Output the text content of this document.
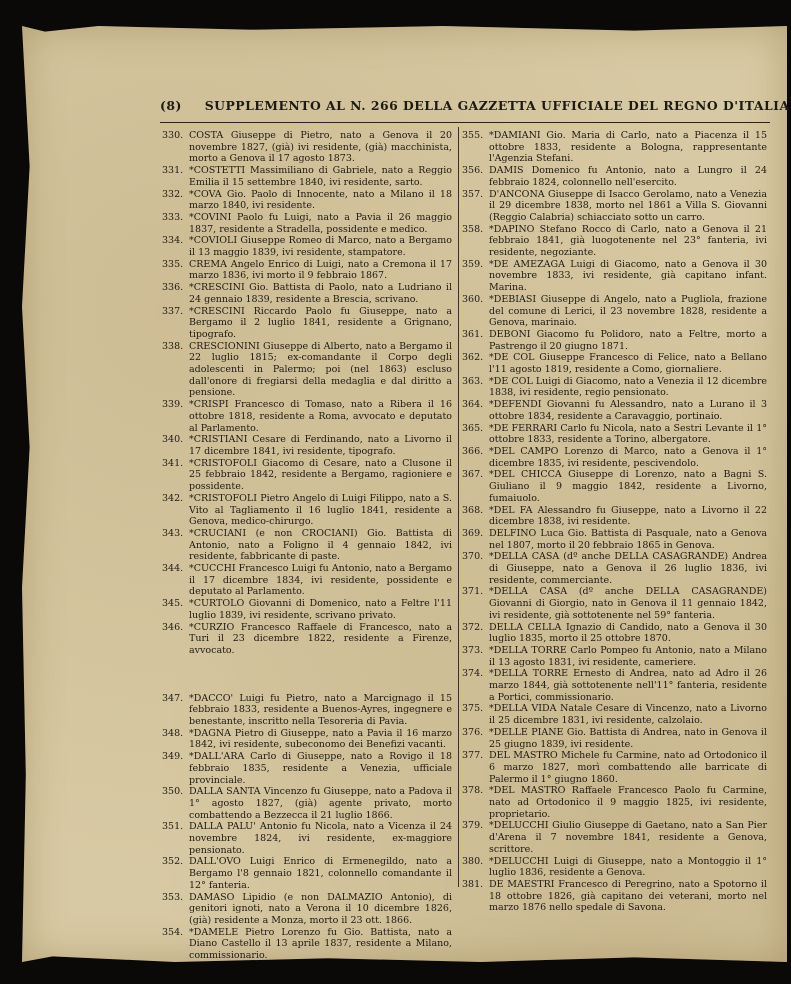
(8) SUPPLEMENTO AL N. 266 DELLA GAZZETTA UFFICIALE DEL REGNO D'ITALIA
330. COSTA Giuseppe di Pietro, nato a Genova il 20 novembre 1827, (già) ivi residente, (già) macchinista, morto a Genova il 17 agosto 1873.
331. *COSTETTI Massimiliano di Gabriele, nato a Reggio Emilia il 15 settembre 1840, ivi residente, sarto.
332. *COVA Gio. Paolo di Innocente, nato a Milano il 18 marzo 1840, ivi residente.
333. *COVINI Paolo fu Luigi, nato a Pavia il 26 maggio 1837, residente a Stradella, possidente e medico.
334. *COVIOLI Giuseppe Romeo di Marco, nato a Bergamo il 13 maggio 1839, ivi residente, stampatore.
335. CREMA Angelo Enrico di Luigi, nato a Cremona il 17 marzo 1836, ivi morto il 9 febbraio 1867.
336. *CRESCINI Gio. Battista di Paolo, nato a Ludriano il 24 gennaio 1839, residente a Brescia, scrivano.
337. *CRESCINI Riccardo Paolo fu Giuseppe, nato a Bergamo il 2 luglio 1841, residente a Grignano, tipografo.
338. CRESCIONINI Giuseppe di Alberto, nato a Bergamo il 22 luglio 1815; ex-comandante il Corpo degli adolescenti in Palermo; poi (nel 1863) escluso dall'onore di fregiarsi della medaglia e dal diritto a pensione.
339. *CRISPI Francesco di Tomaso, nato a Ribera il 16 ottobre 1818, residente a Roma, avvocato e deputato al Parlamento.
340. *CRISTIANI Cesare di Ferdinando, nato a Livorno il 17 dicembre 1841, ivi residente, tipografo.
341. *CRISTOFOLI Giacomo di Cesare, nato a Clusone il 25 febbraio 1842, residente a Bergamo, ragioniere e possidente.
342. *CRISTOFOLI Pietro Angelo di Luigi Filippo, nato a S. Vito al Tagliamento il 16 luglio 1841, residente a Genova, medico-chirurgo.
343. *CRUCIANI (e non CROCIANI) Gio. Battista di Antonio, nato a Foligno il 4 gennaio 1842, ivi residente, fabbricante di paste.
344. *CUCCHI Francesco Luigi fu Antonio, nato a Bergamo il 17 dicembre 1834, ivi residente, possidente e deputato al Parlamento.
345. *CURTOLO Giovanni di Domenico, nato a Feltre l'11 luglio 1839, ivi residente, scrivano privato.
346. *CURZIO Francesco Raffaele di Francesco, nato a Turi il 23 dicembre 1822, residente a Firenze, avvocato.
347. *DACCO' Luigi fu Pietro, nato a Marcignago il 15 febbraio 1833, residente a Buenos-Ayres, ingegnere e benestante, inscritto nella Tesoreria di Pavia.
348. *DAGNA Pietro di Giuseppe, nato a Pavia il 16 marzo 1842, ivi residente, subeconomo dei Benefizi vacanti.
349. *DALL'ARA Carlo di Giuseppe, nato a Rovigo il 18 febbraio 1835, residente a Venezia, ufficiale provinciale.
350. DALLA SANTA Vincenzo fu Giuseppe, nato a Padova il 1° agosto 1827, (già) agente privato, morto combattendo a Bezzecca il 21 luglio 1866.
351. DALLA PALU' Antonio fu Nicola, nato a Vicenza il 24 novembre 1824, ivi residente, ex-maggiore pensionato.
352. DALL'OVO Luigi Enrico di Ermenegildo, nato a Bergamo l'8 gennaio 1821, colonnello comandante il 12° fanteria.
353. DAMASO Lipidio (e non DALMAZIO Antonio), di genitori ignoti, nato a Verona il 10 dicembre 1826, (già) residente a Monza, morto il 23 ott. 1866.
354. *DAMELE Pietro Lorenzo fu Gio. Battista, nato a Diano Castello il 13 aprile 1837, residente a Milano, commissionario.
355. *DAMIANI Gio. Maria di Carlo, nato a Piacenza il 15 ottobre 1833, residente a Bologna, rappresentante l'Agenzia Stefani.
356. DAMIS Domenico fu Antonio, nato a Lungro il 24 febbraio 1824, colonnello nell'esercito.
357. D'ANCONA Giuseppe di Isacco Gerolamo, nato a Venezia il 29 dicembre 1838, morto nel 1861 a Villa S. Giovanni (Reggio Calabria) schiacciato sotto un carro.
358. *DAPINO Stefano Rocco di Carlo, nato a Genova il 21 febbraio 1841, già luogotenente nel 23° fanteria, ivi residente, negoziante.
359. *DE AMEZAGA Luigi di Giacomo, nato a Genova il 30 novembre 1833, ivi residente, già capitano infant. Marina.
360. *DEBIASI Giuseppe di Angelo, nato a Pugliola, frazione del comune di Lerici, il 23 novembre 1828, residente a Genova, marinaio.
361. DEBONI Giacomo fu Polidoro, nato a Feltre, morto a Pastrengo il 20 giugno 1871.
362. *DE COL Giuseppe Francesco di Felice, nato a Bellano l'11 agosto 1819, residente a Como, giornaliere.
363. *DE COL Luigi di Giacomo, nato a Venezia il 12 dicembre 1838, ivi residente, regio pensionato.
364. *DEFENDI Giovanni fu Alessandro, nato a Lurano il 3 ottobre 1834, residente a Caravaggio, portinaio.
365. *DE FERRARI Carlo fu Nicola, nato a Sestri Levante il 1° ottobre 1833, residente a Torino, albergatore.
366. *DEL CAMPO Lorenzo di Marco, nato a Genova il 1° dicembre 1835, ivi residente, pescivendolo.
367. *DEL CHICCA Giuseppe di Lorenzo, nato a Bagni S. Giuliano il 9 maggio 1842, residente a Livorno, fumaiuolo.
368. *DEL FA Alessandro fu Giuseppe, nato a Livorno il 22 dicembre 1838, ivi residente.
369. DELFINO Luca Gio. Battista di Pasquale, nato a Genova nel 1807, morto il 20 febbraio 1865 in Genova.
370. *DELLA CASA (dº anche DELLA CASAGRANDE) Andrea di Giuseppe, nato a Genova il 26 luglio 1836, ivi residente, commerciante.
371. *DELLA CASA (dº anche DELLA CASAGRANDE) Giovanni di Giorgio, nato in Genova il 11 gennaio 1842, ivi residente, già sottotenente nel 59° fanteria.
372. DELLA CELLA Ignazio di Candido, nato a Genova il 30 luglio 1835, morto il 25 ottobre 1870.
373. *DELLA TORRE Carlo Pompeo fu Antonio, nato a Milano il 13 agosto 1831, ivi residente, cameriere.
374. *DELLA TORRE Ernesto di Andrea, nato ad Adro il 26 marzo 1844, già sottotenente nell'11° fanteria, residente a Portici, commissionario.
375. *DELLA VIDA Natale Cesare di Vincenzo, nato a Livorno il 25 dicembre 1831, ivi residente, calzolaio.
376. *DELLE PIANE Gio. Battista di Andrea, nato in Genova il 25 giugno 1839, ivi residente.
377. DEL MASTRO Michele fu Carmine, nato ad Ortodonico il 6 marzo 1827, morì combattendo alle barricate di Palermo il 1° giugno 1860.
378. *DEL MASTRO Raffaele Francesco Paolo fu Carmine, nato ad Ortodonico il 9 maggio 1825, ivi residente, proprietario.
379. *DELUCCHI Giulio Giuseppe di Gaetano, nato a San Pier d'Arena il 7 novembre 1841, residente a Genova, scrittore.
380. *DELUCCHI Luigi di Giuseppe, nato a Montoggio il 1° luglio 1836, residente a Genova.
381. DE MAESTRI Francesco di Peregrino, nato a Spotorno il 18 ottobre 1826, già capitano dei veterani, morto nel marzo 1876 nello spedale di Savona.
